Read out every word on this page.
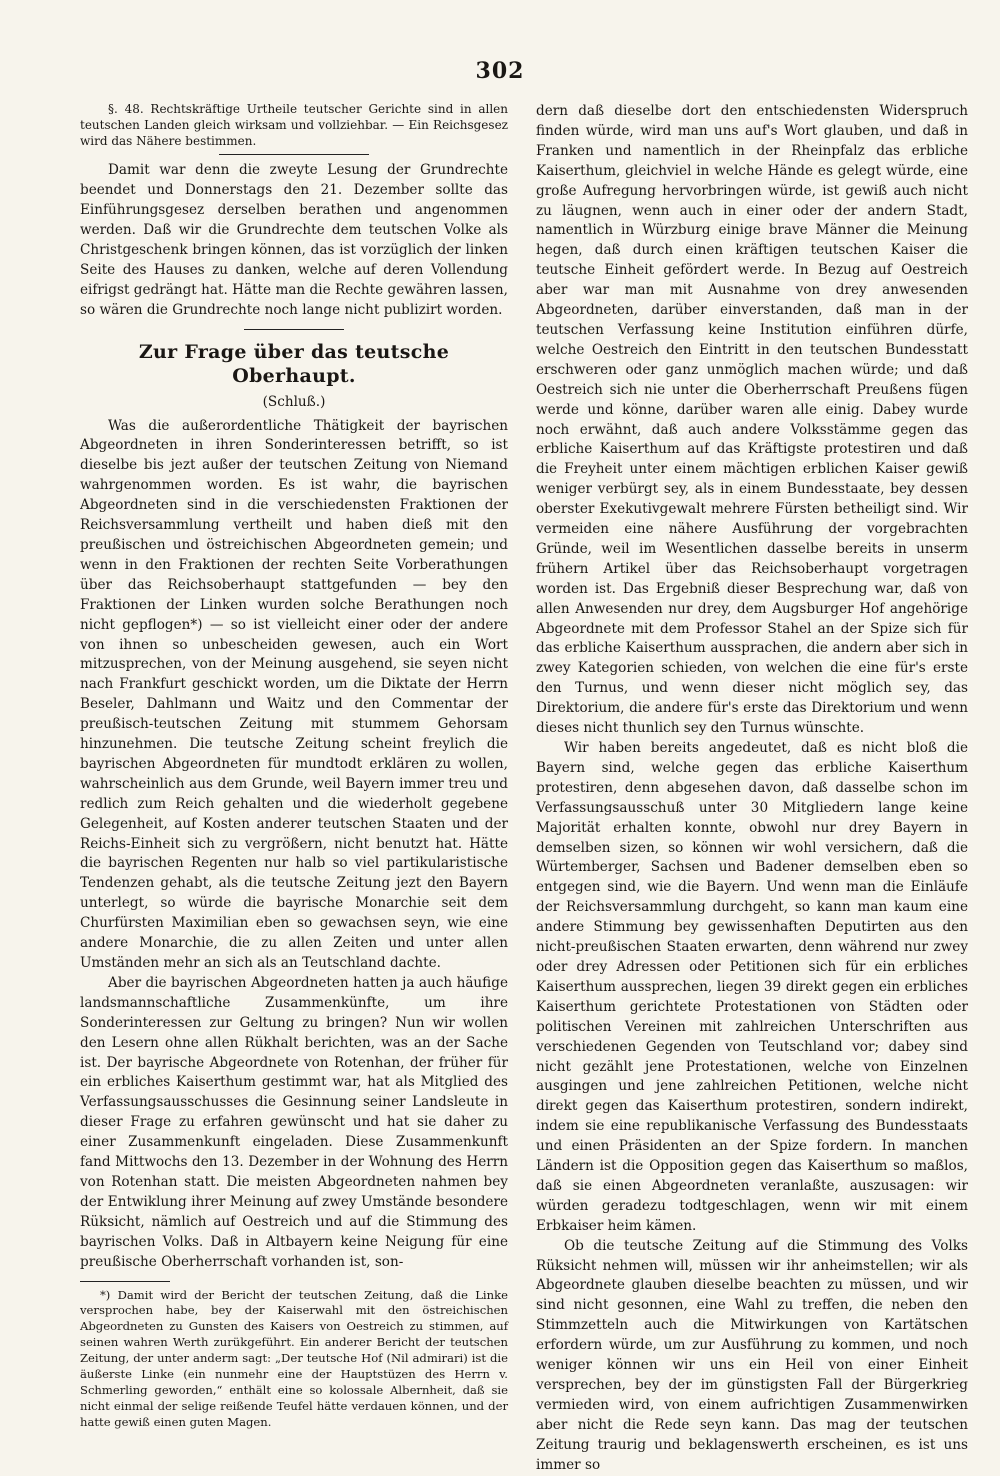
302

§. 48. Rechtskräftige Urtheile teutscher Gerichte sind in allen teutschen Landen gleich wirksam und vollziehbar. — Ein Reichsgesez wird das Nähere bestimmen.

Damit war denn die zweyte Lesung der Grundrechte beendet und Donnerstags den 21. Dezember sollte das Einführungsgesez derselben berathen und angenommen werden. Daß wir die Grundrechte dem teutschen Volke als Christgeschenk bringen können, das ist vorzüglich der linken Seite des Hauses zu danken, welche auf deren Vollendung eifrigst gedrängt hat. Hätte man die Rechte gewähren lassen, so wären die Grundrechte noch lange nicht publizirt worden.

Zur Frage über das teutsche Oberhaupt.
(Schluß.)

Was die außerordentliche Thätigkeit der bayrischen Abgeordneten in ihren Sonderinteressen betrifft, so ist dieselbe bis jezt außer der teutschen Zeitung von Niemand wahrgenommen worden. Es ist wahr, die bayrischen Abgeordneten sind in die verschiedensten Fraktionen der Reichsversammlung vertheilt und haben dieß mit den preußischen und östreichischen Abgeordneten gemein; und wenn in den Fraktionen der rechten Seite Vorberathungen über das Reichsoberhaupt stattgefunden — bey den Fraktionen der Linken wurden solche Berathungen noch nicht gepflogen*) — so ist vielleicht einer oder der andere von ihnen so unbescheiden gewesen, auch ein Wort mitzusprechen, von der Meinung ausgehend, sie seyen nicht nach Frankfurt geschickt worden, um die Diktate der Herrn Beseler, Dahlmann und Waitz und den Commentar der preußisch-teutschen Zeitung mit stummem Gehorsam hinzunehmen. Die teutsche Zeitung scheint freylich die bayrischen Abgeordneten für mundtodt erklären zu wollen, wahrscheinlich aus dem Grunde, weil Bayern immer treu und redlich zum Reich gehalten und die wiederholt gegebene Gelegenheit, auf Kosten anderer teutschen Staaten und der Reichs-Einheit sich zu vergrößern, nicht benutzt hat. Hätte die bayrischen Regenten nur halb so viel partikularistische Tendenzen gehabt, als die teutsche Zeitung jezt den Bayern unterlegt, so würde die bayrische Monarchie seit dem Churfürsten Maximilian eben so gewachsen seyn, wie eine andere Monarchie, die zu allen Zeiten und unter allen Umständen mehr an sich als an Teutschland dachte.

Aber die bayrischen Abgeordneten hatten ja auch häufige landsmannschaftliche Zusammenkünfte, um ihre Sonderinteressen zur Geltung zu bringen? Nun wir wollen den Lesern ohne allen Rükhalt berichten, was an der Sache ist. Der bayrische Abgeordnete von Rotenhan, der früher für ein erbliches Kaiserthum gestimmt war, hat als Mitglied des Verfassungsausschusses die Gesinnung seiner Landsleute in dieser Frage zu erfahren gewünscht und hat sie daher zu einer Zusammenkunft eingeladen. Diese Zusammenkunft fand Mittwochs den 13. Dezember in der Wohnung des Herrn von Rotenhan statt. Die meisten Abgeordneten nahmen bey der Entwiklung ihrer Meinung auf zwey Umstände besondere Rüksicht, nämlich auf Oestreich und auf die Stimmung des bayrischen Volks. Daß in Altbayern keine Neigung für eine preußische Oberherrschaft vorhanden ist, son-

*) Damit wird der Bericht der teutschen Zeitung, daß die Linke versprochen habe, bey der Kaiserwahl mit den östreichischen Abgeordneten zu Gunsten des Kaisers von Oestreich zu stimmen, auf seinen wahren Werth zurükgeführt. Ein anderer Bericht der teutschen Zeitung, der unter anderm sagt: „Der teutsche Hof (Nil admirari) ist die äußerste Linke (ein nunmehr eine der Hauptstüzen des Herrn v. Schmerling geworden,“ enthält eine so kolossale Albernheit, daß sie nicht einmal der selige reißende Teufel hätte verdauen können, und der hatte gewiß einen guten Magen.

dern daß dieselbe dort den entschiedensten Widerspruch finden würde, wird man uns auf's Wort glauben, und daß in Franken und namentlich in der Rheinpfalz das erbliche Kaiserthum, gleichviel in welche Hände es gelegt würde, eine große Aufregung hervorbringen würde, ist gewiß auch nicht zu läugnen, wenn auch in einer oder der andern Stadt, namentlich in Würzburg einige brave Männer die Meinung hegen, daß durch einen kräftigen teutschen Kaiser die teutsche Einheit gefördert werde. In Bezug auf Oestreich aber war man mit Ausnahme von drey anwesenden Abgeordneten, darüber einverstanden, daß man in der teutschen Verfassung keine Institution einführen dürfe, welche Oestreich den Eintritt in den teutschen Bundesstatt erschweren oder ganz unmöglich machen würde; und daß Oestreich sich nie unter die Oberherrschaft Preußens fügen werde und könne, darüber waren alle einig. Dabey wurde noch erwähnt, daß auch andere Volksstämme gegen das erbliche Kaiserthum auf das Kräftigste protestiren und daß die Freyheit unter einem mächtigen erblichen Kaiser gewiß weniger verbürgt sey, als in einem Bundesstaate, bey dessen oberster Exekutivgewalt mehrere Fürsten betheiligt sind. Wir vermeiden eine nähere Ausführung der vorgebrachten Gründe, weil im Wesentlichen dasselbe bereits in unserm frühern Artikel über das Reichsoberhaupt vorgetragen worden ist. Das Ergebniß dieser Besprechung war, daß von allen Anwesenden nur drey, dem Augsburger Hof angehörige Abgeordnete mit dem Professor Stahel an der Spize sich für das erbliche Kaiserthum aussprachen, die andern aber sich in zwey Kategorien schieden, von welchen die eine für's erste den Turnus, und wenn dieser nicht möglich sey, das Direktorium, die andere für's erste das Direktorium und wenn dieses nicht thunlich sey den Turnus wünschte.

Wir haben bereits angedeutet, daß es nicht bloß die Bayern sind, welche gegen das erbliche Kaiserthum protestiren, denn abgesehen davon, daß dasselbe schon im Verfassungsausschuß unter 30 Mitgliedern lange keine Majorität erhalten konnte, obwohl nur drey Bayern in demselben sizen, so können wir wohl versichern, daß die Würtemberger, Sachsen und Badener demselben eben so entgegen sind, wie die Bayern. Und wenn man die Einläufe der Reichsversammlung durchgeht, so kann man kaum eine andere Stimmung bey gewissenhaften Deputirten aus den nicht-preußischen Staaten erwarten, denn während nur zwey oder drey Adressen oder Petitionen sich für ein erbliches Kaiserthum aussprechen, liegen 39 direkt gegen ein erbliches Kaiserthum gerichtete Protestationen von Städten oder politischen Vereinen mit zahlreichen Unterschriften aus verschiedenen Gegenden von Teutschland vor; dabey sind nicht gezählt jene Protestationen, welche von Einzelnen ausgingen und jene zahlreichen Petitionen, welche nicht direkt gegen das Kaiserthum protestiren, sondern indirekt, indem sie eine republikanische Verfassung des Bundesstaats und einen Präsidenten an der Spize fordern. In manchen Ländern ist die Opposition gegen das Kaiserthum so maßlos, daß sie einen Abgeordneten veranlaßte, auszusagen: wir würden geradezu todtgeschlagen, wenn wir mit einem Erbkaiser heim kämen.

Ob die teutsche Zeitung auf die Stimmung des Volks Rüksicht nehmen will, müssen wir ihr anheimstellen; wir als Abgeordnete glauben dieselbe beachten zu müssen, und wir sind nicht gesonnen, eine Wahl zu treffen, die neben den Stimmzetteln auch die Mitwirkungen von Kartätschen erfordern würde, um zur Ausführung zu kommen, und noch weniger können wir uns ein Heil von einer Einheit versprechen, bey der im günstigsten Fall der Bürgerkrieg vermieden wird, von einem aufrichtigen Zusammenwirken aber nicht die Rede seyn kann. Das mag der teutschen Zeitung traurig und beklagenswerth erscheinen, es ist uns immer so
